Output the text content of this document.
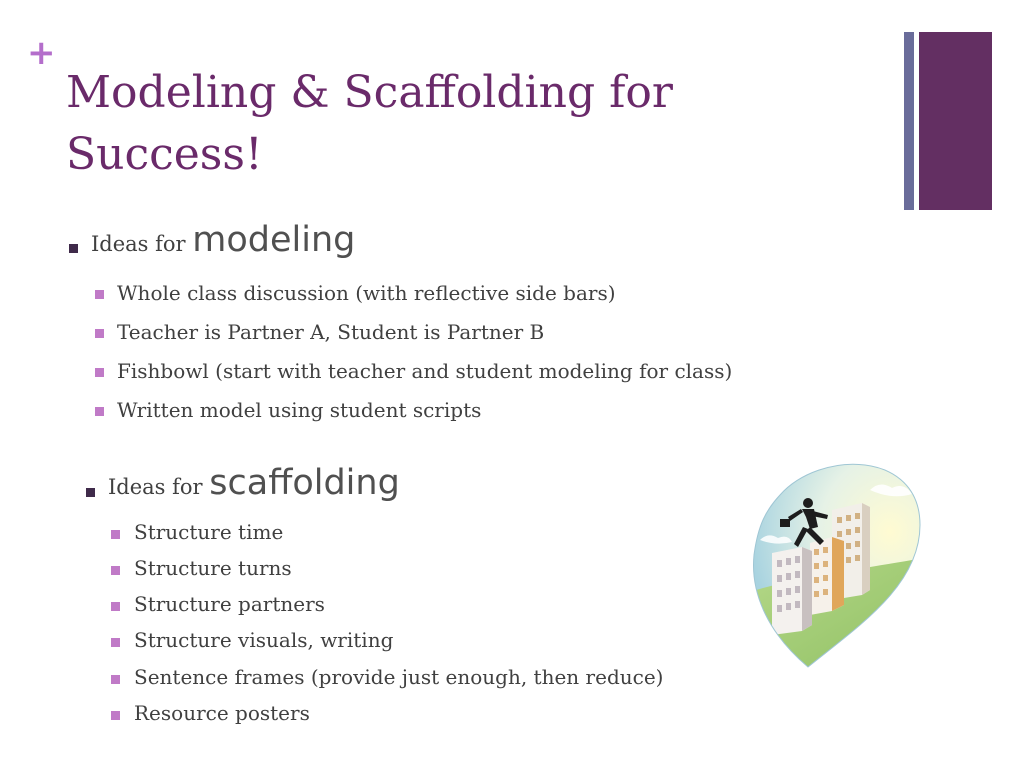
+
Modeling & Scaffolding for Success!
Ideas for modeling
Whole class discussion (with reflective side bars)
Teacher is Partner A, Student is Partner B
Fishbowl (start with teacher and student modeling for class)
Written model using student scripts
Ideas for scaffolding
Structure time
Structure turns
Structure partners
Structure visuals, writing
Sentence frames (provide just enough, then reduce)
Resource posters
